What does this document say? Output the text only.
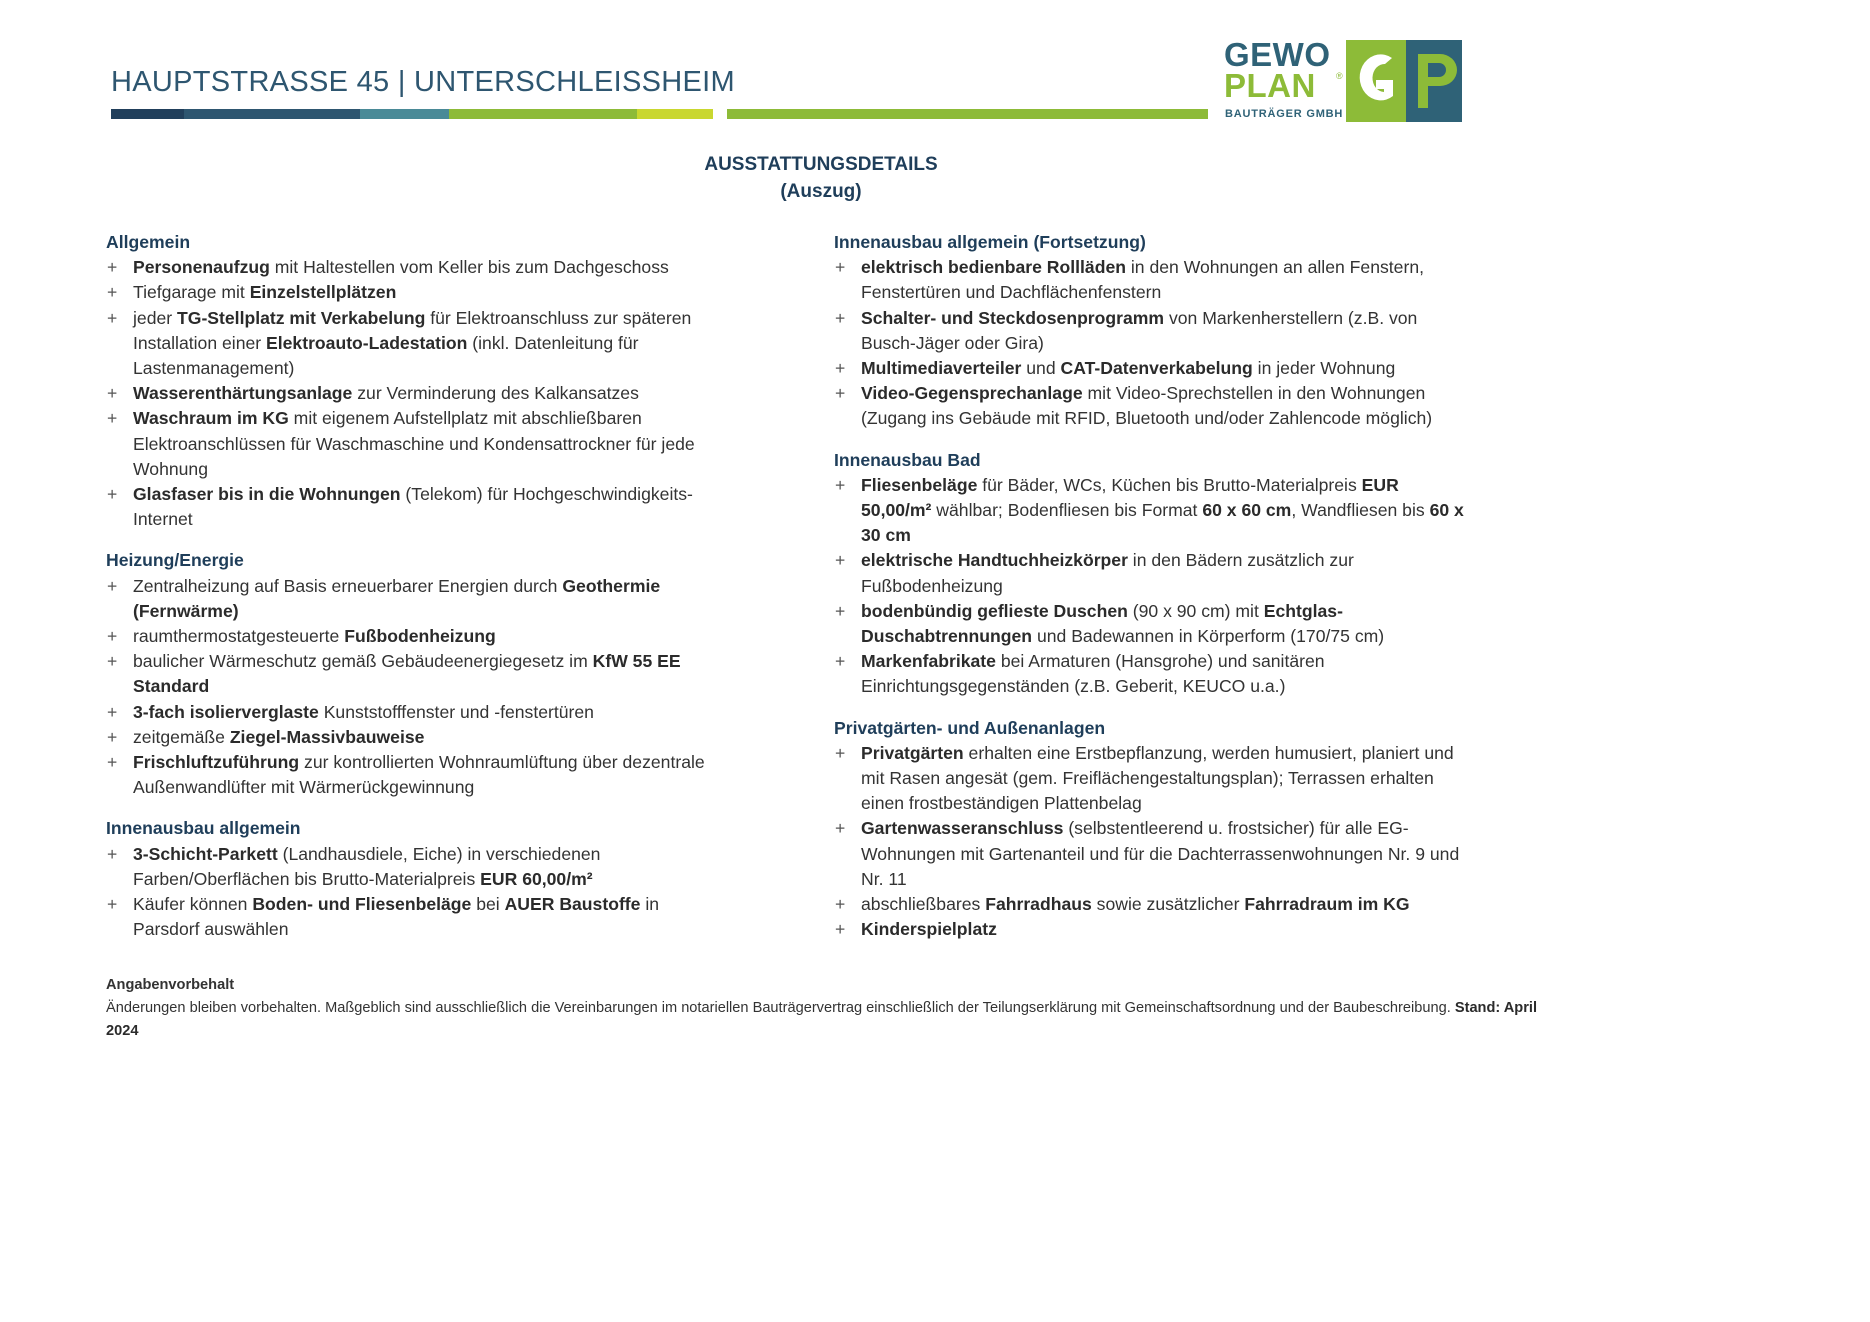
HAUPTSTRASSE 45 | UNTERSCHLEISSHEIM
GEWO
PLAN ®
BAUTRÄGER GMBH
AUSSTATTUNGSDETAILS
(Auszug)
Allgemein
+ Personenaufzug mit Haltestellen vom Keller bis zum Dachgeschoss
+ Tiefgarage mit Einzelstellplätzen
+ jeder TG-Stellplatz mit Verkabelung für Elektroanschluss zur späteren Installation einer Elektroauto-Ladestation (inkl. Datenleitung für Lastenmanagement)
+ Wasserenthärtungsanlage zur Verminderung des Kalkansatzes
+ Waschraum im KG mit eigenem Aufstellplatz mit abschließbaren Elektroanschlüssen für Waschmaschine und Kondensattrockner für jede Wohnung
+ Glasfaser bis in die Wohnungen (Telekom) für Hochgeschwindigkeits-Internet
Heizung/Energie
+ Zentralheizung auf Basis erneuerbarer Energien durch Geothermie (Fernwärme)
+ raumthermostatgesteuerte Fußbodenheizung
+ baulicher Wärmeschutz gemäß Gebäudeenergiegesetz im KfW 55 EE Standard
+ 3-fach isolierverglaste Kunststofffenster und -fenstertüren
+ zeitgemäße Ziegel-Massivbauweise
+ Frischluftzuführung zur kontrollierten Wohnraumlüftung über dezentrale Außenwandlüfter mit Wärmerückgewinnung
Innenausbau allgemein
+ 3-Schicht-Parkett (Landhausdiele, Eiche) in verschiedenen Farben/Oberflächen bis Brutto-Materialpreis EUR 60,00/m²
+ Käufer können Boden- und Fliesenbeläge bei AUER Baustoffe in Parsdorf auswählen
Innenausbau allgemein (Fortsetzung)
+ elektrisch bedienbare Rollläden in den Wohnungen an allen Fenstern, Fenstertüren und Dachflächenfenstern
+ Schalter- und Steckdosenprogramm von Markenherstellern (z.B. von Busch-Jäger oder Gira)
+ Multimediaverteiler und CAT-Datenverkabelung in jeder Wohnung
+ Video-Gegensprechanlage mit Video-Sprechstellen in den Wohnungen (Zugang ins Gebäude mit RFID, Bluetooth und/oder Zahlencode möglich)
Innenausbau Bad
+ Fliesenbeläge für Bäder, WCs, Küchen bis Brutto-Materialpreis EUR 50,00/m² wählbar; Bodenfliesen bis Format 60 x 60 cm, Wandfliesen bis 60 x 30 cm
+ elektrische Handtuchheizkörper in den Bädern zusätzlich zur Fußbodenheizung
+ bodenbündig geflieste Duschen (90 x 90 cm) mit Echtglas-Duschabtrennungen und Badewannen in Körperform (170/75 cm)
+ Markenfabrikate bei Armaturen (Hansgrohe) und sanitären Einrichtungsgegenständen (z.B. Geberit, KEUCO u.a.)
Privatgärten- und Außenanlagen
+ Privatgärten erhalten eine Erstbepflanzung, werden humusiert, planiert und mit Rasen angesät (gem. Freiflächengestaltungsplan); Terrassen erhalten einen frostbeständigen Plattenbelag
+ Gartenwasseranschluss (selbstentleerend u. frostsicher) für alle EG-Wohnungen mit Gartenanteil und für die Dachterrassenwohnungen Nr. 9 und Nr. 11
+ abschließbares Fahrradhaus sowie zusätzlicher Fahrradraum im KG
+ Kinderspielplatz
Angabenvorbehalt
Änderungen bleiben vorbehalten. Maßgeblich sind ausschließlich die Vereinbarungen im notariellen Bauträgervertrag einschließlich der Teilungserklärung mit Gemeinschaftsordnung und der Baubeschreibung. Stand: April 2024
